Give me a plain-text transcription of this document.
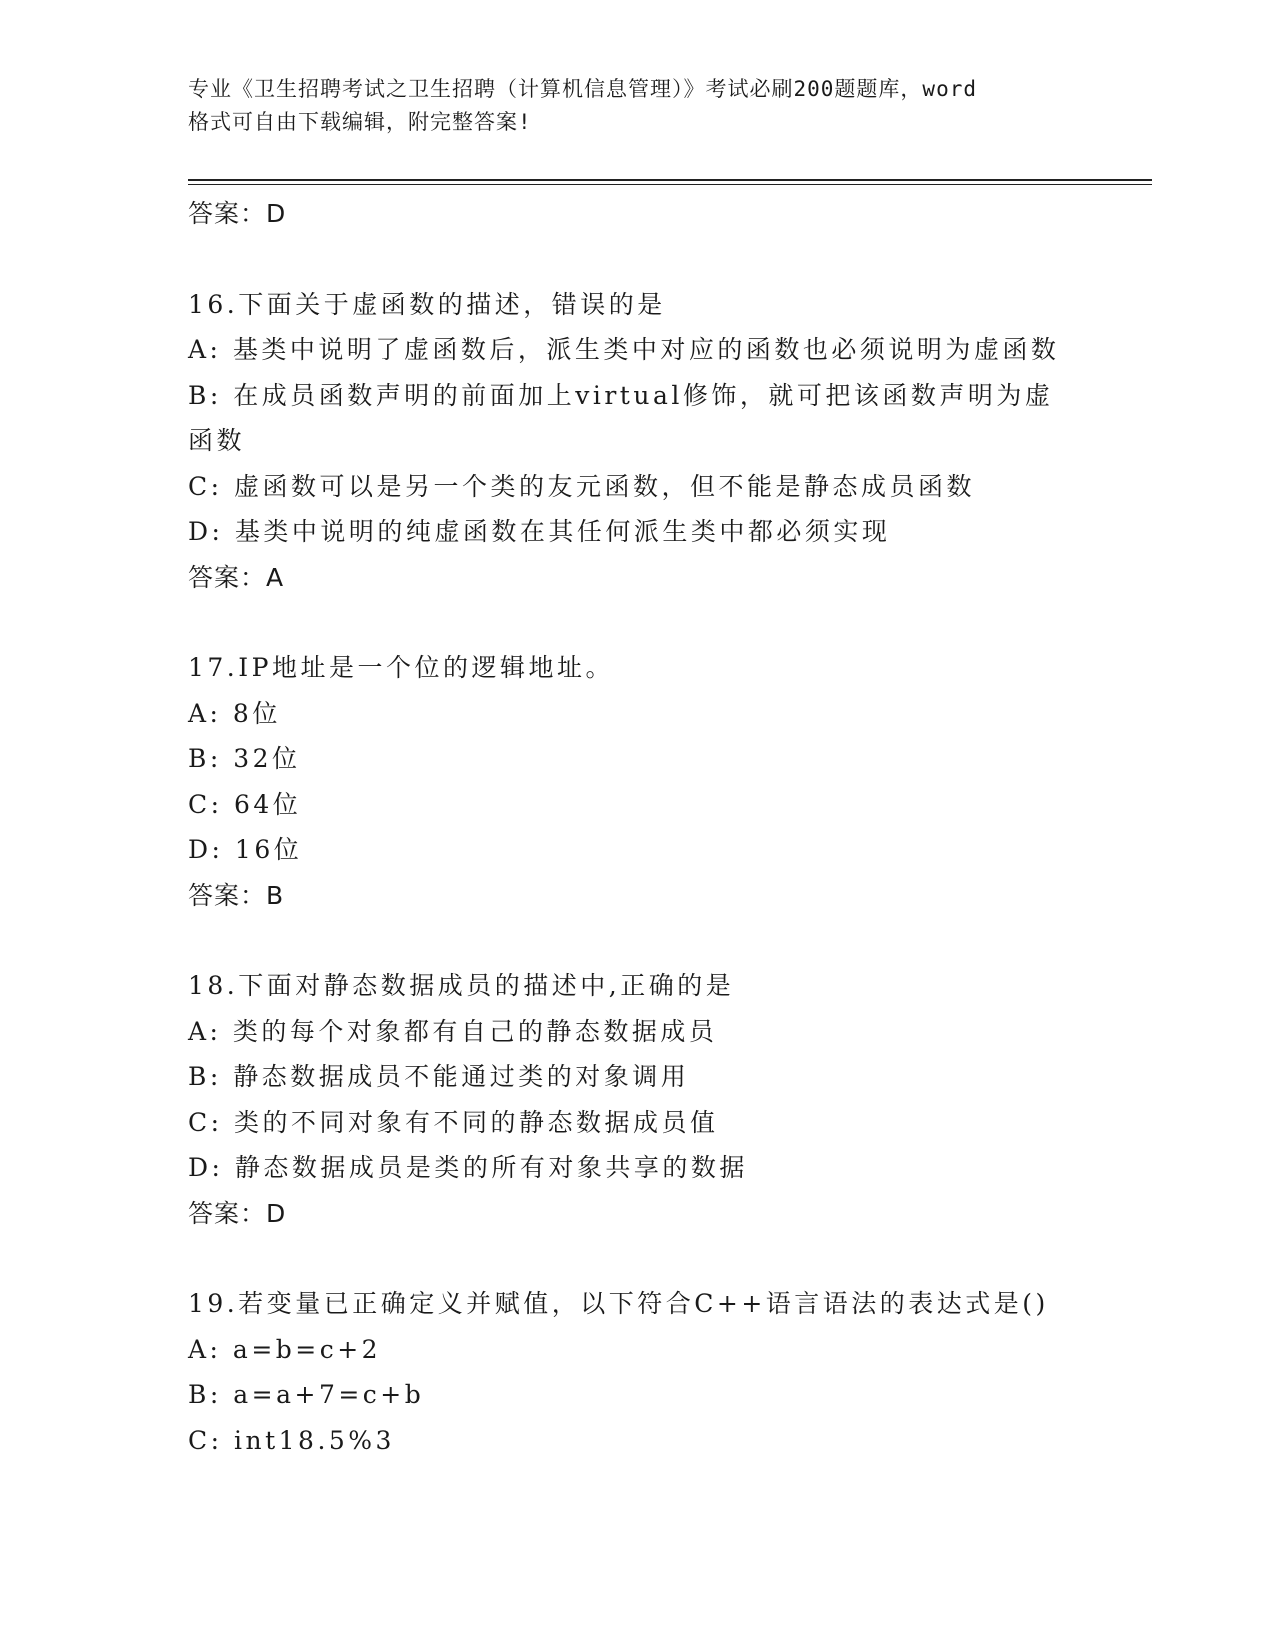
专业《卫生招聘考试之卫生招聘（计算机信息管理）》考试必刷200题题库，word
格式可自由下载编辑，附完整答案!
答案：D
16.下面关于虚函数的描述，错误的是
A: 基类中说明了虚函数后，派生类中对应的函数也必须说明为虚函数
B: 在成员函数声明的前面加上virtual修饰，就可把该函数声明为虚
函数
C: 虚函数可以是另一个类的友元函数，但不能是静态成员函数
D: 基类中说明的纯虚函数在其任何派生类中都必须实现
答案：A
17.IP地址是一个位的逻辑地址。
A: 8位
B: 32位
C: 64位
D: 16位
答案：B
18.下面对静态数据成员的描述中,正确的是
A: 类的每个对象都有自己的静态数据成员
B: 静态数据成员不能通过类的对象调用
C: 类的不同对象有不同的静态数据成员值
D: 静态数据成员是类的所有对象共享的数据
答案：D
19.若变量已正确定义并赋值，以下符合C++语言语法的表达式是()
A: a=b=c+2
B: a=a+7=c+b
C: int18.5%3
